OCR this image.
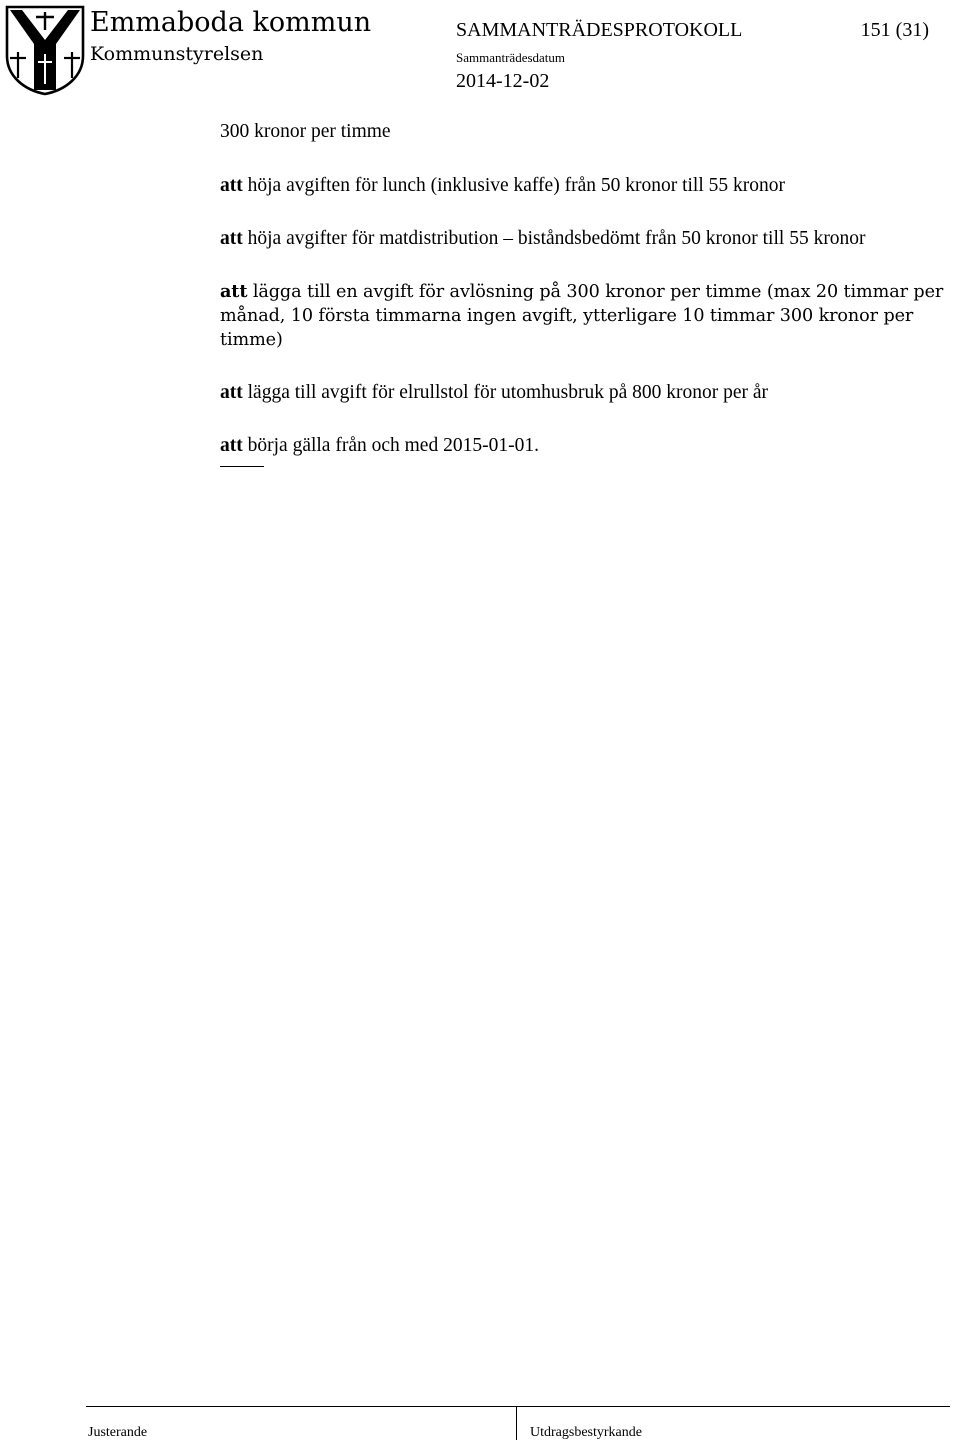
Emmaboda kommun
Kommunstyrelsen
SAMMANTRÄDESPROTOKOLL	151 (31)
Sammanträdesdatum
2014-12-02

300 kronor per timme

att höja avgiften för lunch (inklusive kaffe) från 50 kronor till 55 kronor

att höja avgifter för matdistribution – biståndsbedömt från 50 kronor till 55 kronor

att lägga till en avgift för avlösning på 300 kronor per timme (max 20 timmar per månad, 10 första timmarna ingen avgift, ytterligare 10 timmar 300 kronor per timme)

att lägga till avgift för elrullstol för utomhusbruk på 800 kronor per år

att börja gälla från och med 2015-01-01.

Justerande	Utdragsbestyrkande
